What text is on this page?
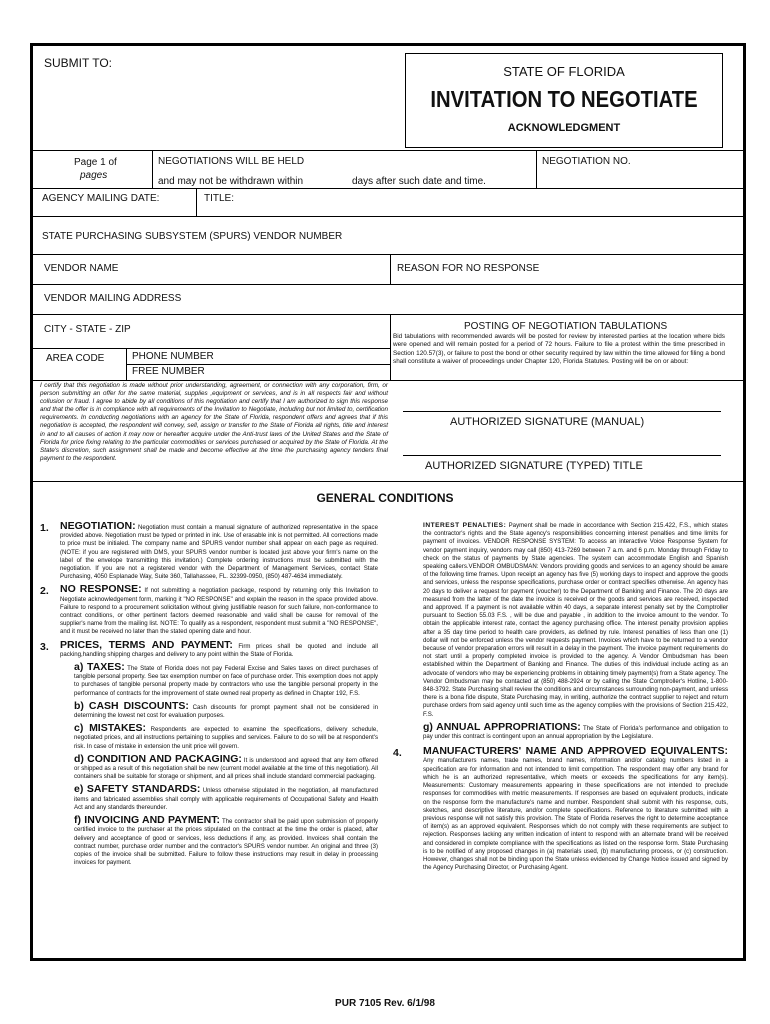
SUBMIT TO:
STATE OF FLORIDA
INVITATION TO NEGOTIATE
ACKNOWLEDGMENT
Page 1 of
pages
NEGOTIATIONS WILL BE HELD
and may not be withdrawn within	days after such date and time.
NEGOTIATION NO.
AGENCY MAILING DATE:	TITLE:
STATE PURCHASING SUBSYSTEM (SPURS) VENDOR NUMBER
VENDOR NAME	REASON FOR NO RESPONSE
VENDOR MAILING ADDRESS
CITY - STATE - ZIP
AREA CODE	PHONE NUMBER
FREE NUMBER
POSTING OF NEGOTIATION TABULATIONS
Bid tabulations with recommended awards will be posted for review by interested parties at the location where bids were opened and will remain posted for a period of 72 hours. Failure to file a protest within the time prescribed in Section 120.57(3), or failure to post the bond or other security required by law within the time allowed for filing a bond shall constitute a waiver of proceedings under Chapter 120, Florida Statutes. Posting will be on or about:
I certify that this negotiation is made without prior understanding, agreement, or connection with any corporation, firm, or person submitting an offer for the same material, supplies ,equipment or services, and is in all respects fair and without collusion or fraud. I agree to abide by all conditions of this negotiation and certify that I am authorized to sign this response and that the offer is in compliance with all requirements of the Invitation to Negotiate, including but not limited to, certification requirements. In conducting negotiations with an agency for the State of Florida, respondent offers and agrees that if this negotiation is accepted, the respondent will convey, sell, assign or transfer to the State of Florida all rights, title and interest in and to all causes of action it may now or hereafter acquire under the Anti-trust laws of the United States and the State of Florida for price fixing relating to the particular commodities or services purchased or acquired by the State of Florida. At the State's discretion, such assignment shall be made and become effective at the time the purchasing agency tenders final payment to the respondent.
AUTHORIZED SIGNATURE (MANUAL)
AUTHORIZED SIGNATURE (TYPED) TITLE
GENERAL CONDITIONS
1.	NEGOTIATION: Negotiation must contain a manual signature of authorized representative in the space provided above. Negotiation must be typed or printed in ink. Use of erasable ink is not permitted. All corrections made to price must be initialed. The company name and SPURS vendor number shall appear on each page as required. (NOTE: if you are registered with DMS, your SPURS vendor number is located just above your firm's name on the label of the envelope transmitting this invitation.) Complete ordering instructions must be submitted with the negotiation. If you are not a registered vendor with the Department of Management Services, contact State Purchasing, 4050 Esplanade Way, Suite 360, Tallahassee, FL. 32399-0950, (850) 487-4634 immediately.
2.	NO RESPONSE: If not submitting a negotiation package, respond by returning only this Invitation to Negotiate acknowledgement form, marking it "NO RESPONSE" and explain the reason in the space provided above. Failure to respond to a procurement solicitation without giving justifiable reason for such failure, non-conformance to contract conditions, or other pertinent factors deemed reasonable and valid shall be cause for removal of the supplier's name from the mailing list. NOTE: To qualify as a respondent, respondent must submit a "NO RESPONSE", and it must be received no later than the stated opening date and hour.
3.	PRICES, TERMS AND PAYMENT: Firm prices shall be quoted and include all packing,handling shipping charges and delivery to any point within the State of Florida.
a) TAXES: The State of Florida does not pay Federal Excise and Sales taxes on direct purchases of tangible personal property. See tax exemption number on face of purchase order. This exemption does not apply to purchases of tangible personal property made by contractors who use the tangible personal property in the performance of contracts for the improvement of state owned real property as defined in Chapter 192, F.S.
b) CASH DISCOUNTS: Cash discounts for prompt payment shall not be considered in determining the lowest net cost for evaluation purposes.
c) MISTAKES: Respondents are expected to examine the specifications, delivery schedule, negotiated prices, and all instructions pertaining to supplies and services. Failure to do so will be at respondent's risk. In case of mistake in extension the unit price will govern.
d) CONDITION AND PACKAGING: It is understood and agreed that any item offered or shipped as a result of this negotiation shall be new (current model available at the time of this negotiation). All containers shall be suitable for storage or shipment, and all prices shall include standard commercial packaging.
e) SAFETY STANDARDS: Unless otherwise stipulated in the negotiation, all manufactured items and fabricated assemblies shall comply with applicable requirements of Occupational Safety and Health Act and any standards thereunder.
f) INVOICING AND PAYMENT: The contractor shall be paid upon submission of properly certified invoice to the purchaser at the prices stipulated on the contract at the time the order is placed, after delivery and acceptance of good or services, less deductions if any, as provided. Invoices shall contain the contract number, purchase order number and the contractor's SPURS vendor number. An original and three (3) copies of the invoice shall be submitted. Failure to follow these instructions may result in delay in processing invoices for payment.
INTEREST PENALTIES: Payment shall be made in accordance with Section 215.422, F.S., which states the contractor's rights and the State agency's responsibilities concerning interest penalties and time limits for payment of invoices. VENDOR RESPONSE SYSTEM: To access an interactive Voice Response System for vendor payment inquiry, vendors may call (850) 413-7269 between 7 a.m. and 6 p.m. Monday through Friday to check on the status of payments by State agencies. The system can accommodate English and Spanish speaking callers.VENDOR OMBUDSMAN: Vendors providing goods and services to an agency should be aware of the following time frames. Upon receipt an agency has five (5) working days to inspect and approve the goods and services, unless the response specifications, purchase order or contract specifies otherwise. An agency has 20 days to deliver a request for payment (voucher) to the Department of Banking and Finance. The 20 days are measured from the latter of the date the invoice is received or the goods and services are received, inspected and approved. If a payment is not available within 40 days, a separate interest penalty set by the Comptroller pursuant to Section 55.03 F.S. , will be due and payable , in addition to the invoice amount to the vendor. To obtain the applicable interest rate, contact the agency purchasing office. The interest penalty provision applies after a 35 day time period to health care providers, as defined by rule. Interest penalties of less than one (1) dollar will not be enforced unless the vendor requests payment. Invoices which have to be returned to a vendor because of vendor preparation errors will result in a delay in the payment. The invoice payment requirements do not start until a properly completed invoice is provided to the agency. A Vendor Ombudsman has been established within the Department of Banking and Finance. The duties of this individual include acting as an advocate of vendors who may be experiencing problems in obtaining timely payment(s) from a State agency. The Vendor Ombudsman may be contacted at (850) 488-2924 or by calling the State Comptroller's Hotline, 1-800-848-3792. State Purchasing shall review the conditions and circumstances surrounding non-payment, and unless there is a bona fide dispute, State Purchasing may, in writing, authorize the contract supplier to reject and return purchase orders from said agency until such time as the agency complies with the provisions of Section 215.422, F.S.
g) ANNUAL APPROPRIATIONS: The State of Florida's performance and obligation to pay under this contract is contingent upon an annual appropriation by the Legislature.
4.	MANUFACTURERS' NAME AND APPROVED EQUIVALENTS: Any manufacturers names, trade names, brand names, information and/or catalog numbers listed in a specification are for information and not intended to limit competition. The respondent may offer any brand for which he is an authorized representative, which meets or exceeds the specifications for any item(s). Measurements: Customary measurements appearing in these specifications are not intended to preclude responses for commodities with metric measurements. If responses are based on equivalent products, indicate on the response form the manufacture's name and number. Respondent shall submit with his response, cuts, sketches, and descriptive literature, and/or complete specifications. Reference to literature submitted with a previous response will not satisfy this provision. The State of Florida reserves the right to determine acceptance of item(s) as an approved equivalent. Responses which do not comply with these requirements are subject to rejection. Responses lacking any written indication of intent to respond with an alternate brand will be received and considered in complete compliance with the specifications as listed on the response form. State Purchasing is to be notified of any proposed changes in (a) materials used, (b) manufacturing process, or (c) construction. However, changes shall not be binding upon the State unless evidenced by Change Notice issued and signed by the Agency Purchasing Director, or Purchasing Agent.
PUR 7105 Rev. 6/1/98
